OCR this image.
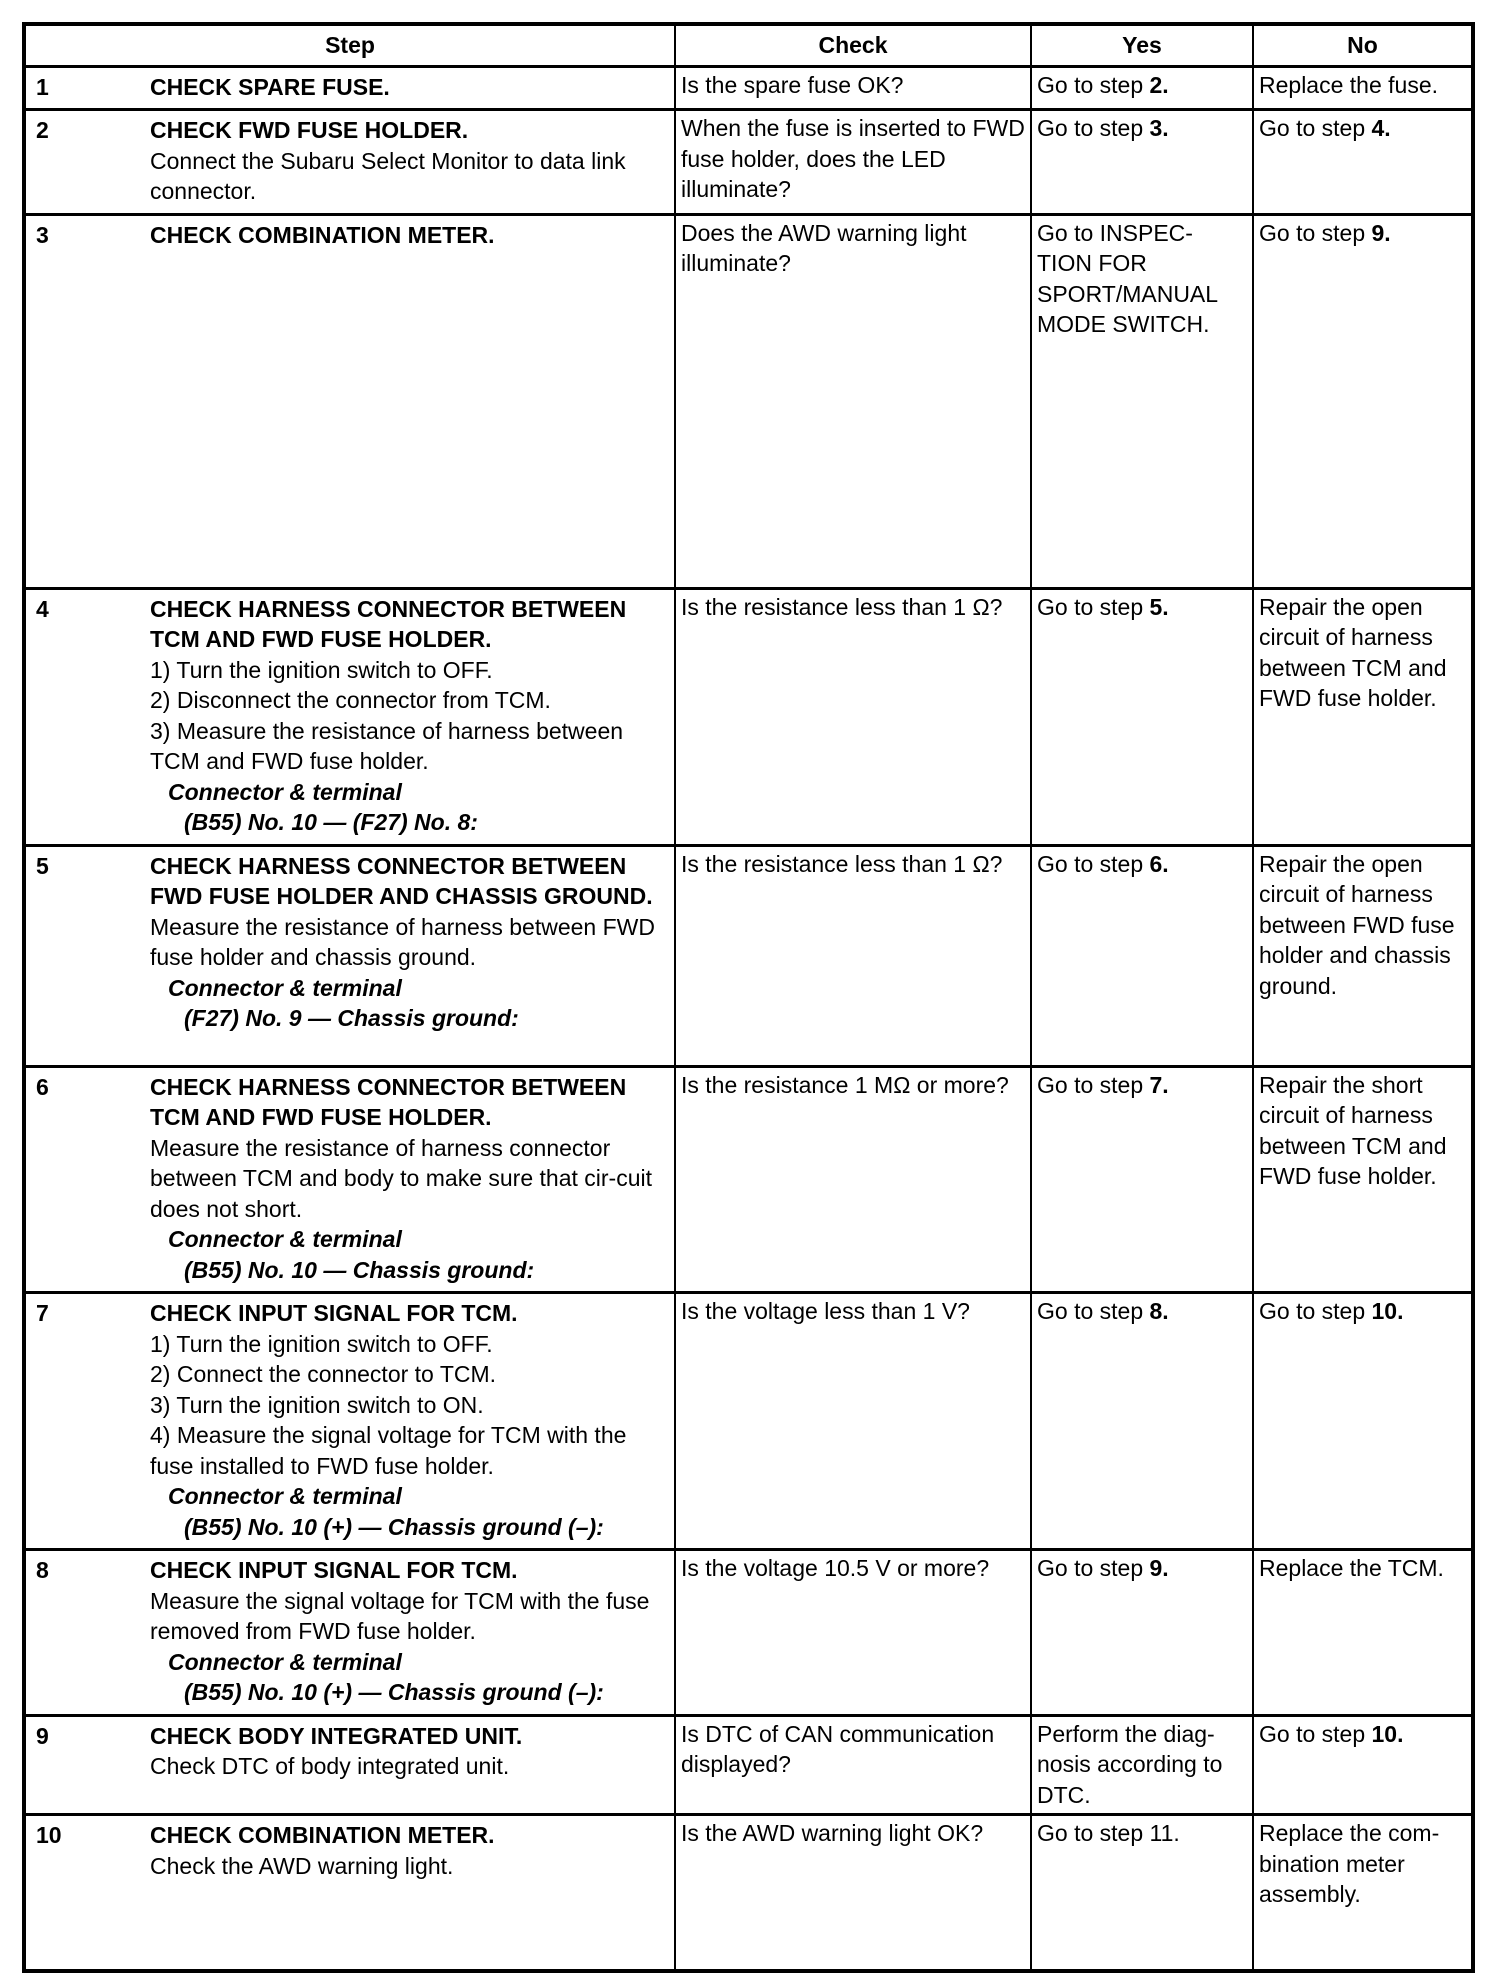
Step	Check	Yes	No

1 CHECK SPARE FUSE.	Is the spare fuse OK?	Go to step 2.	Replace the fuse.

2 CHECK FWD FUSE HOLDER.
Connect the Subaru Select Monitor to data link connector.	When the fuse is inserted to FWD fuse holder, does the LED illuminate?	Go to step 3.	Go to step 4.

3 CHECK COMBINATION METER.	Does the AWD warning light illuminate?	Go to INSPEC-TION FOR SPORT/MANUAL MODE SWITCH.	Go to step 9.

4	CHECK HARNESS CONNECTOR BETWEEN TCM AND FWD FUSE HOLDER.
1) Turn the ignition switch to OFF.
2) Disconnect the connector from TCM.
3) Measure the resistance of harness between TCM and FWD fuse holder.
Connector & terminal
(B55) No. 10 — (F27) No. 8:
	Is the resistance less than 1 Ω?	Go to step 5.	Repair the open circuit of harness between TCM and FWD fuse holder.

5 CHECK HARNESS CONNECTOR BETWEEN FWD FUSE HOLDER AND CHASSIS GROUND.
Measure the resistance of harness between FWD fuse holder and chassis ground.
Connector & terminal
(F27) No. 9 — Chassis ground:	Is the resistance less than 1 Ω?	Go to step 6.	Repair the open circuit of harness between FWD fuse holder and chassis ground.

6 CHECK HARNESS CONNECTOR BETWEEN TCM AND FWD FUSE HOLDER.
Measure the resistance of harness connector between TCM and body to make sure that cir-cuit does not short.
Connector & terminal
(B55) No. 10 — Chassis ground:	Is the resistance 1 MΩ or more?	Go to step 7.	Repair the short circuit of harness between TCM and FWD fuse holder.

7	CHECK INPUT SIGNAL FOR TCM.
1) Turn the ignition switch to OFF.
2) Connect the connector to TCM.
3) Turn the ignition switch to ON.
4) Measure the signal voltage for TCM with the fuse installed to FWD fuse holder.
Connector & terminal
(B55) No. 10 (+) — Chassis ground (–):
	Is the voltage less than 1 V?	Go to step 8.	Go to step 10.

8 CHECK INPUT SIGNAL FOR TCM.
Measure the signal voltage for TCM with the fuse removed from FWD fuse holder.
Connector & terminal
(B55) No. 10 (+) — Chassis ground (–):	Is the voltage 10.5 V or more?	Go to step 9.	Replace the TCM.

9 CHECK BODY INTEGRATED UNIT.
Check DTC of body integrated unit.	Is DTC of CAN communication displayed?	Perform the diag-nosis according to DTC.	Go to step 10.

10 CHECK COMBINATION METER.
Check the AWD warning light.	Is the AWD warning light OK?	Go to step 11.	Replace the com-bination meter assembly.
